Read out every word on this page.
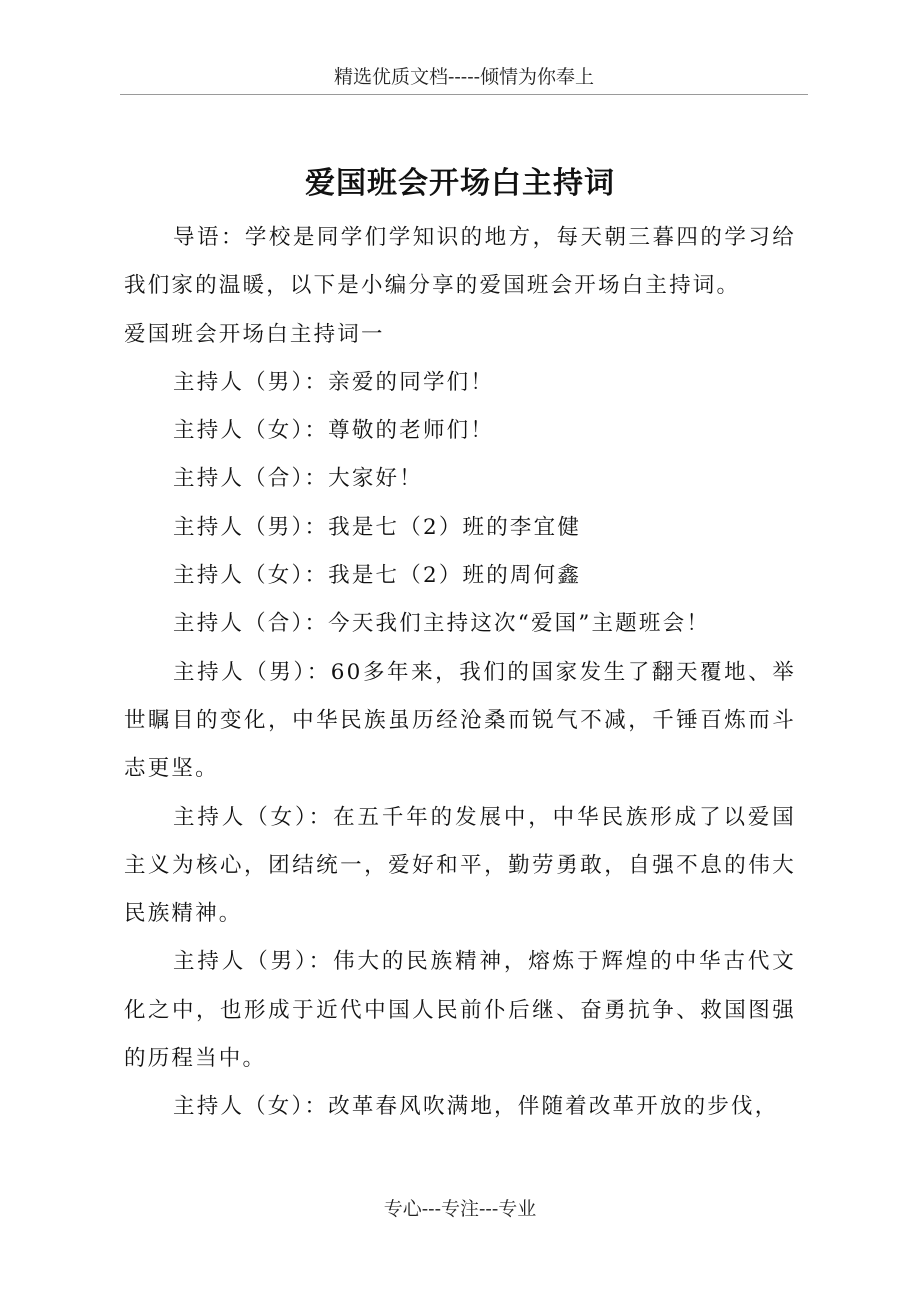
精选优质文档-----倾情为你奉上
爱国班会开场白主持词

导语：学校是同学们学知识的地方，每天朝三暮四的学习给我们家的温暖，以下是小编分享的爱国班会开场白主持词。

爱国班会开场白主持词一

主持人（男）：亲爱的同学们！

主持人（女）：尊敬的老师们！

主持人（合）：大家好！

主持人（男）：我是七（2）班的李宜健

主持人（女）：我是七（2）班的周何鑫

主持人（合）：今天我们主持这次“爱国”主题班会！

主持人（男）：60多年来，我们的国家发生了翻天覆地、举世瞩目的变化，中华民族虽历经沧桑而锐气不减，千锤百炼而斗志更坚。

主持人（女）：在五千年的发展中，中华民族形成了以爱国主义为核心，团结统一，爱好和平，勤劳勇敢，自强不息的伟大民族精神。

主持人（男）：伟大的民族精神，熔炼于辉煌的中华古代文化之中，也形成于近代中国人民前仆后继、奋勇抗争、救国图强的历程当中。

主持人（女）：改革春风吹满地，伴随着改革开放的步伐，

专心---专注---专业
